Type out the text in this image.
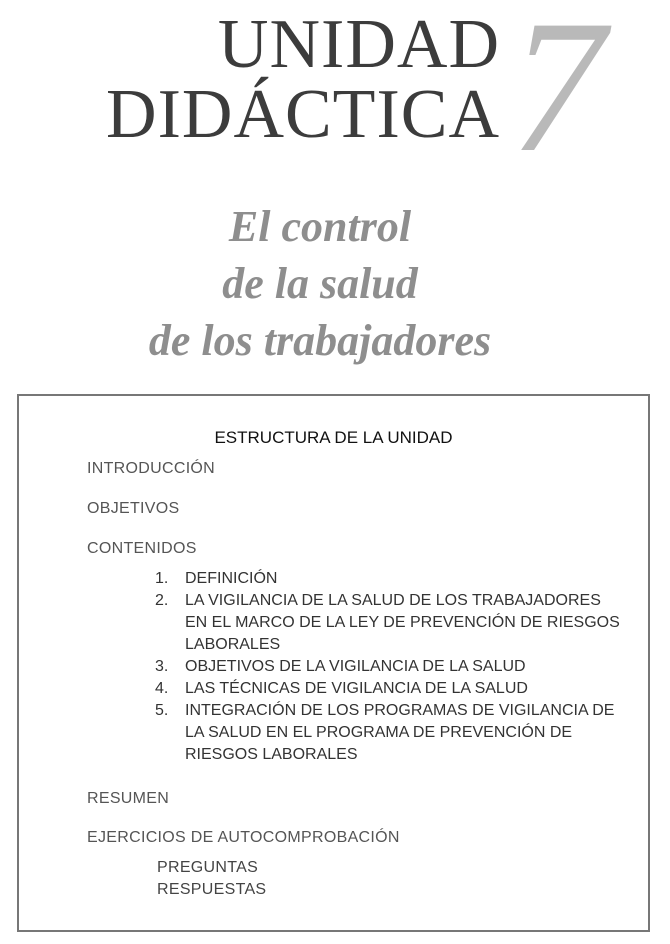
UNIDAD
DIDÁCTICA 7
El control
de la salud
de los trabajadores
ESTRUCTURA DE LA UNIDAD
INTRODUCCIÓN
OBJETIVOS
CONTENIDOS
1. DEFINICIÓN
2. LA VIGILANCIA DE LA SALUD DE LOS TRABAJADORES EN EL MARCO DE LA LEY DE PREVENCIÓN DE RIESGOS LABORALES
3. OBJETIVOS DE LA VIGILANCIA DE LA SALUD
4. LAS TÉCNICAS DE VIGILANCIA DE LA SALUD
5. INTEGRACIÓN DE LOS PROGRAMAS DE VIGILANCIA DE LA SALUD EN EL PROGRAMA DE PREVENCIÓN DE RIESGOS LABORALES
RESUMEN
EJERCICIOS DE AUTOCOMPROBACIÓN
PREGUNTAS
RESPUESTAS
